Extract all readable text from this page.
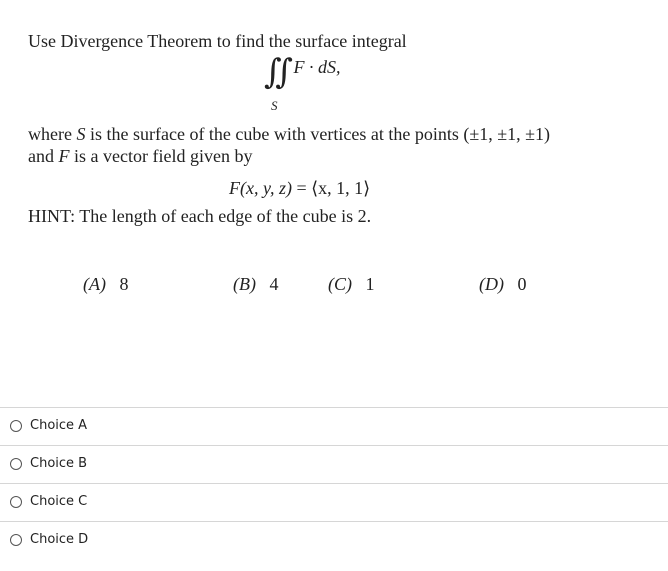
Use Divergence Theorem to find the surface integral
∬ F · dS,
S
where S is the surface of the cube with vertices at the points (±1, ±1, ±1)
and F is a vector field given by
F(x, y, z) = ⟨x, 1, 1⟩
HINT: The length of each edge of the cube is 2.
(A) 8	(B) 4	(C) 1	(D) 0
Choice A
Choice B
Choice C
Choice D
